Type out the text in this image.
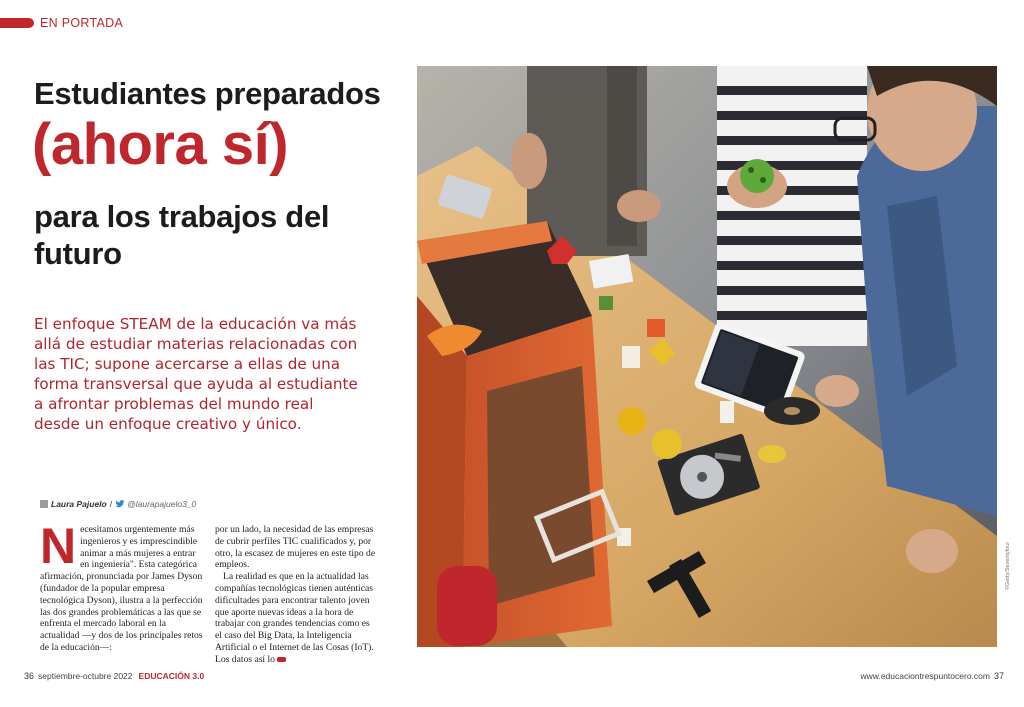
EN PORTADA
Estudiantes preparados
(ahora sí)
para los trabajos del futuro

El enfoque STEAM de la educación va más allá de estudiar materias relacionadas con las TIC; supone acercarse a ellas de una forma transversal que ayuda al estudiante a afrontar problemas del mundo real desde un enfoque creativo y único.

Laura Pajuelo / @laurapajuelo3_0
N ecesitamos urgentemente más ingenieros y es imprescindible animar a más mujeres a entrar en ingeniería". Esta categórica afirmación, pronunciada por James Dyson (fundador de la popular empresa tecnológica Dyson), ilustra a la perfección las dos grandes problemáticas a las que se enfrenta el mercado laboral en la actualidad —y dos de los principales retos de la educación—:

por un lado, la necesidad de las empresas de cubrir perfiles TIC cualificados y, por otro, la escasez de mujeres en este tipo de empleos.

La realidad es que en la actualidad las compañías tecnológicas tienen auténticas dificultades para encontrar talento joven que aporte nuevas ideas a la hora de trabajar con grandes tendencias como es el caso del Big Data, la Inteligencia Artificial o el Internet de las Cosas (IoT). Los datos así lo

©Getty/Seventyfour
36 septiembre-octubre 2022 EDUCACIÓN 3.0	www.educaciontrespuntocero.com 37
